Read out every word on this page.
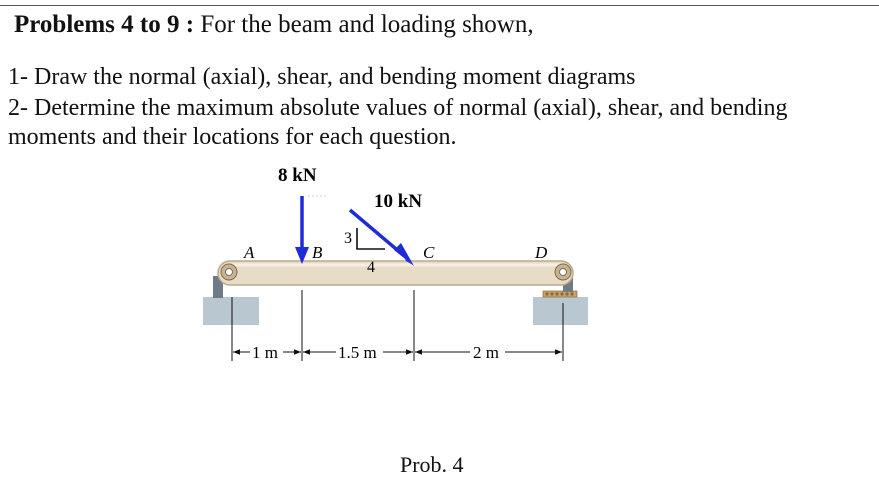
Problems 4 to 9 : For the beam and loading shown,
1- Draw the normal (axial), shear, and bending moment diagrams
2- Determine the maximum absolute values of normal (axial), shear, and bending
moments and their locations for each question.
A	B	C	D
8 kN
10 kN
3
4
1 m	1.5 m	2 m
Prob. 4
